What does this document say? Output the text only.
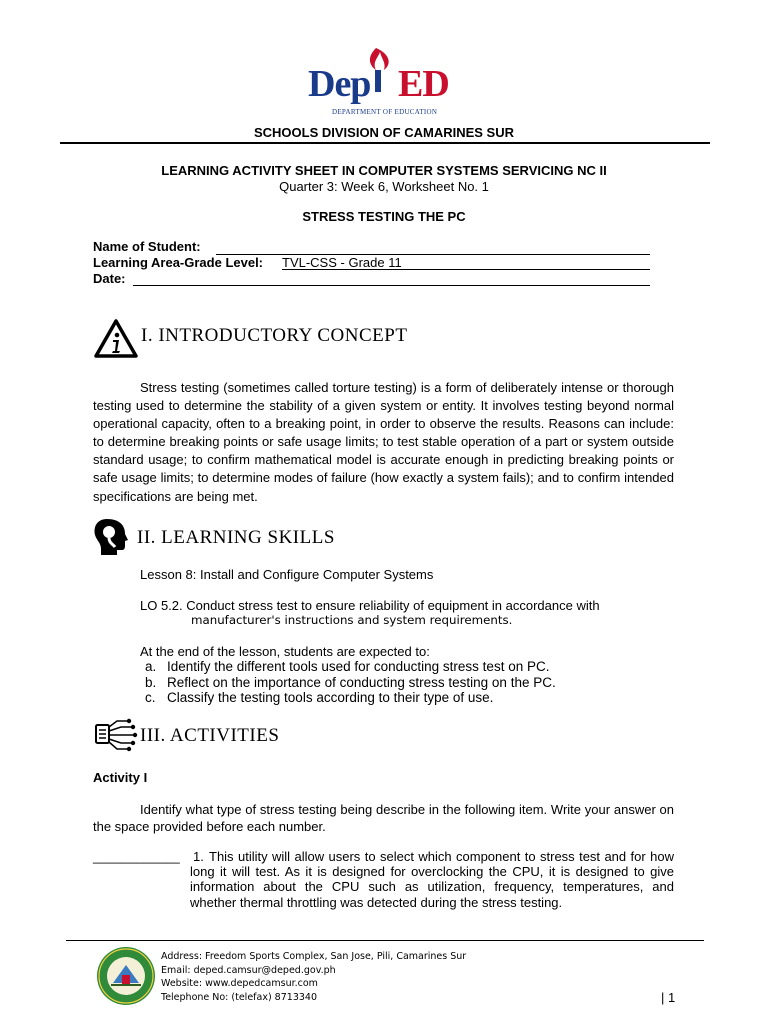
Dep ED
DEPARTMENT OF EDUCATION
SCHOOLS DIVISION OF CAMARINES SUR
LEARNING ACTIVITY SHEET IN COMPUTER SYSTEMS SERVICING NC II
Quarter 3: Week 6, Worksheet No. 1
STRESS TESTING THE PC
Name of Student:
Learning Area-Grade Level: TVL-CSS - Grade 11
Date:
I. INTRODUCTORY CONCEPT
Stress testing (sometimes called torture testing) is a form of deliberately intense or thorough testing used to determine the stability of a given system or entity. It involves testing beyond normal operational capacity, often to a breaking point, in order to observe the results. Reasons can include: to determine breaking points or safe usage limits; to test stable operation of a part or system outside standard usage; to confirm mathematical model is accurate enough in predicting breaking points or safe usage limits; to determine modes of failure (how exactly a system fails); and to confirm intended specifications are being met.
II. LEARNING SKILLS
Lesson 8: Install and Configure Computer Systems
LO 5.2. Conduct stress test to ensure reliability of equipment in accordance with
manufacturer's instructions and system requirements.
At the end of the lesson, students are expected to:
a. Identify the different tools used for conducting stress test on PC.
b. Reflect on the importance of conducting stress testing on the PC.
c. Classify the testing tools according to their type of use.
III. ACTIVITIES
Activity I
Identify what type of stress testing being describe in the following item. Write your answer on the space provided before each number.
____________ 1. This utility will allow users to select which component to stress test and for how long it will test. As it is designed for overclocking the CPU, it is designed to give information about the CPU such as utilization, frequency, temperatures, and whether thermal throttling was detected during the stress testing.
Address: Freedom Sports Complex, San Jose, Pili, Camarines Sur
Email: deped.camsur@deped.gov.ph
Website: www.depedcamsur.com
Telephone No: (telefax) 8713340	| 1
